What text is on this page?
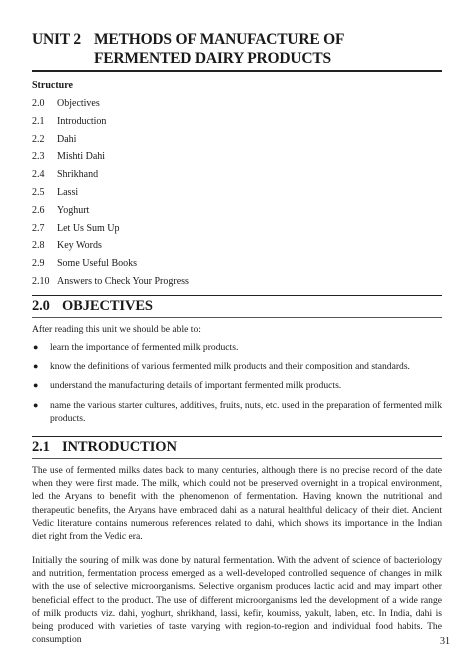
UNIT 2 METHODS OF MANUFACTURE OF
FERMENTED DAIRY PRODUCTS
Structure
2.0	Objectives
2.1	Introduction
2.2	Dahi
2.3	Mishti Dahi
2.4	Shrikhand
2.5	Lassi
2.6	Yoghurt
2.7	Let Us Sum Up
2.8	Key Words
2.9	Some Useful Books
2.10 Answers to Check Your Progress
2.0 OBJECTIVES

After reading this unit we should be able to:

● learn the importance of fermented milk products.
● know the definitions of various fermented milk products and their composition and standards.
● understand the manufacturing details of important fermented milk products.
● name the various starter cultures, additives, fruits, nuts, etc. used in the preparation of fermented milk products.
2.1 INTRODUCTION

The use of fermented milks dates back to many centuries, although there is no precise record of the date when they were first made. The milk, which could not be preserved overnight in a tropical environment, led the Aryans to benefit with the phenomenon of fermentation. Having known the nutritional and therapeutic benefits, the Aryans have embraced dahi as a natural healthful delicacy of their diet. Ancient Vedic literature contains numerous references related to dahi, which shows its importance in the Indian diet right from the Vedic era.

Initially the souring of milk was done by natural fermentation. With the advent of science of bacteriology and nutrition, fermentation process emerged as a well-developed controlled sequence of changes in milk with the use of selective microorganisms. Selective organism produces lactic acid and may impart other beneficial effect to the product. The use of different microorganisms led the development of a wide range of milk products viz. dahi, yoghurt, shrikhand, lassi, kefir, koumiss, yakult, laben, etc. In India, dahi is being produced with varieties of taste varying with region-to-region and individual food habits. The consumption	31
